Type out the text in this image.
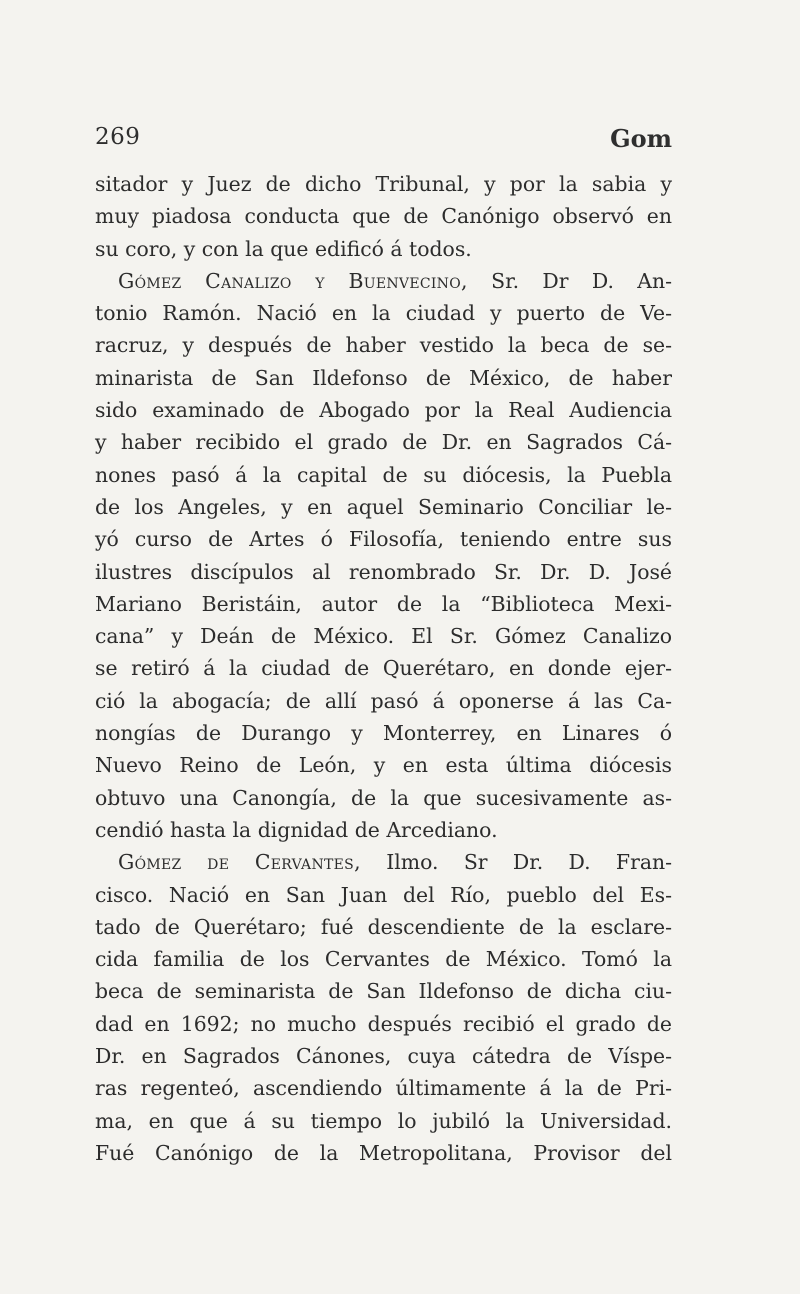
269	Gom
sitador y Juez de dicho Tribunal, y por la sabia y
muy piadosa conducta que de Canónigo observó en
su coro, y con la que edificó á todos.
Gómez Canalizo y Buenvecino, Sr. Dr D. An-
tonio Ramón. Nació en la ciudad y puerto de Ve-
racruz, y después de haber vestido la beca de se-
minarista de San Ildefonso de México, de haber
sido examinado de Abogado por la Real Audiencia
y haber recibido el grado de Dr. en Sagrados Cá-
nones pasó á la capital de su diócesis, la Puebla
de los Angeles, y en aquel Seminario Conciliar le-
yó curso de Artes ó Filosofía, teniendo entre sus
ilustres discípulos al renombrado Sr. Dr. D. José
Mariano Beristáin, autor de la “Biblioteca Mexi-
cana” y Deán de México. El Sr. Gómez Canalizo
se retiró á la ciudad de Querétaro, en donde ejer-
ció la abogacía; de allí pasó á oponerse á las Ca-
nongías de Durango y Monterrey, en Linares ó
Nuevo Reino de León, y en esta última diócesis
obtuvo una Canongía, de la que sucesivamente as-
cendió hasta la dignidad de Arcediano.
Gómez de Cervantes, Ilmo. Sr Dr. D. Fran-
cisco. Nació en San Juan del Río, pueblo del Es-
tado de Querétaro; fué descendiente de la esclare-
cida familia de los Cervantes de México. Tomó la
beca de seminarista de San Ildefonso de dicha ciu-
dad en 1692; no mucho después recibió el grado de
Dr. en Sagrados Cánones, cuya cátedra de Víspe-
ras regenteó, ascendiendo últimamente á la de Pri-
ma, en que á su tiempo lo jubiló la Universidad.
Fué Canónigo de la Metropolitana, Provisor del
